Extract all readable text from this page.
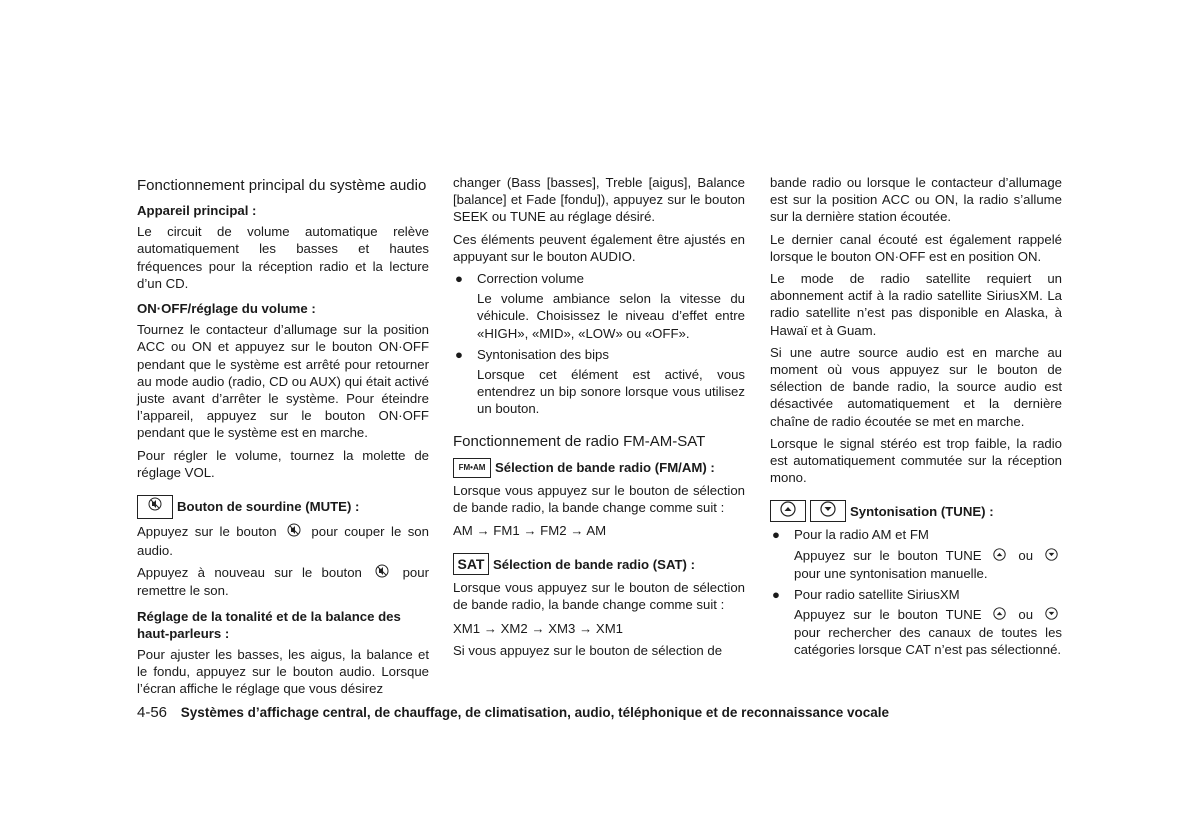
Fonctionnement principal du système audio
Appareil principal :

Le circuit de volume automatique relève automatiquement les basses et hautes fréquences pour la réception radio et la lecture d’un CD.

ON·OFF/réglage du volume :

Tournez le contacteur d’allumage sur la position ACC ou ON et appuyez sur le bouton ON·OFF pendant que le système est arrêté pour retourner au mode audio (radio, CD ou AUX) qui était activé juste avant d’arrêter le système. Pour éteindre l’appareil, appuyez sur le bouton ON·OFF pendant que le système est en marche.

Pour régler le volume, tournez la molette de réglage VOL.

Bouton de sourdine (MUTE) :

Appuyez sur le bouton	pour couper le son audio.

Appuyez à nouveau sur le bouton	pour remettre le son.

Réglage de la tonalité et de la balance des haut-parleurs :

Pour ajuster les basses, les aigus, la balance et le fondu, appuyez sur le bouton audio. Lorsque l’écran affiche le réglage que vous désirez

changer (Bass [basses], Treble [aigus], Balance [balance] et Fade [fondu]), appuyez sur le bouton SEEK ou TUNE au réglage désiré.

Ces éléments peuvent également être ajustés en appuyant sur le bouton AUDIO.

● Correction volume

Le volume ambiance selon la vitesse du véhicule. Choisissez le niveau d’effet entre «HIGH», «MID», «LOW» ou «OFF».

● Syntonisation des bips

Lorsque cet élément est activé, vous entendrez un bip sonore lorsque vous utilisez un bouton.

Fonctionnement de radio FM-AM-SAT
FM•AM Sélection de bande radio (FM/AM) :

Lorsque vous appuyez sur le bouton de sélection de bande radio, la bande change comme suit :

AM → FM1 → FM2 → AM

SAT Sélection de bande radio (SAT) :

Lorsque vous appuyez sur le bouton de sélection de bande radio, la bande change comme suit :

XM1 → XM2 → XM3 → XM1

Si vous appuyez sur le bouton de sélection de

bande radio ou lorsque le contacteur d’allumage est sur la position ACC ou ON, la radio s’allume sur la dernière station écoutée.

Le dernier canal écouté est également rappelé lorsque le bouton ON·OFF est en position ON.

Le mode de radio satellite requiert un abonnement actif à la radio satellite SiriusXM. La radio satellite n’est pas disponible en Alaska, à Hawaï et à Guam.

Si une autre source audio est en marche au moment où vous appuyez sur le bouton de sélection de bande radio, la source audio est désactivée automatiquement et la dernière chaîne de radio écoutée se met en marche.

Lorsque le signal stéréo est trop faible, la radio est automatiquement commutée sur la réception mono.

Syntonisation (TUNE) :
● Pour la radio AM et FM

Appuyez sur le bouton TUNE	ou  pour une syntonisation manuelle.

● Pour radio satellite SiriusXM

Appuyez sur le bouton TUNE	ou  pour rechercher des canaux de toutes les catégories lorsque CAT n’est pas sélectionné.

4-56 Systèmes d’affichage central, de chauffage, de climatisation, audio, téléphonique et de reconnaissance vocale
